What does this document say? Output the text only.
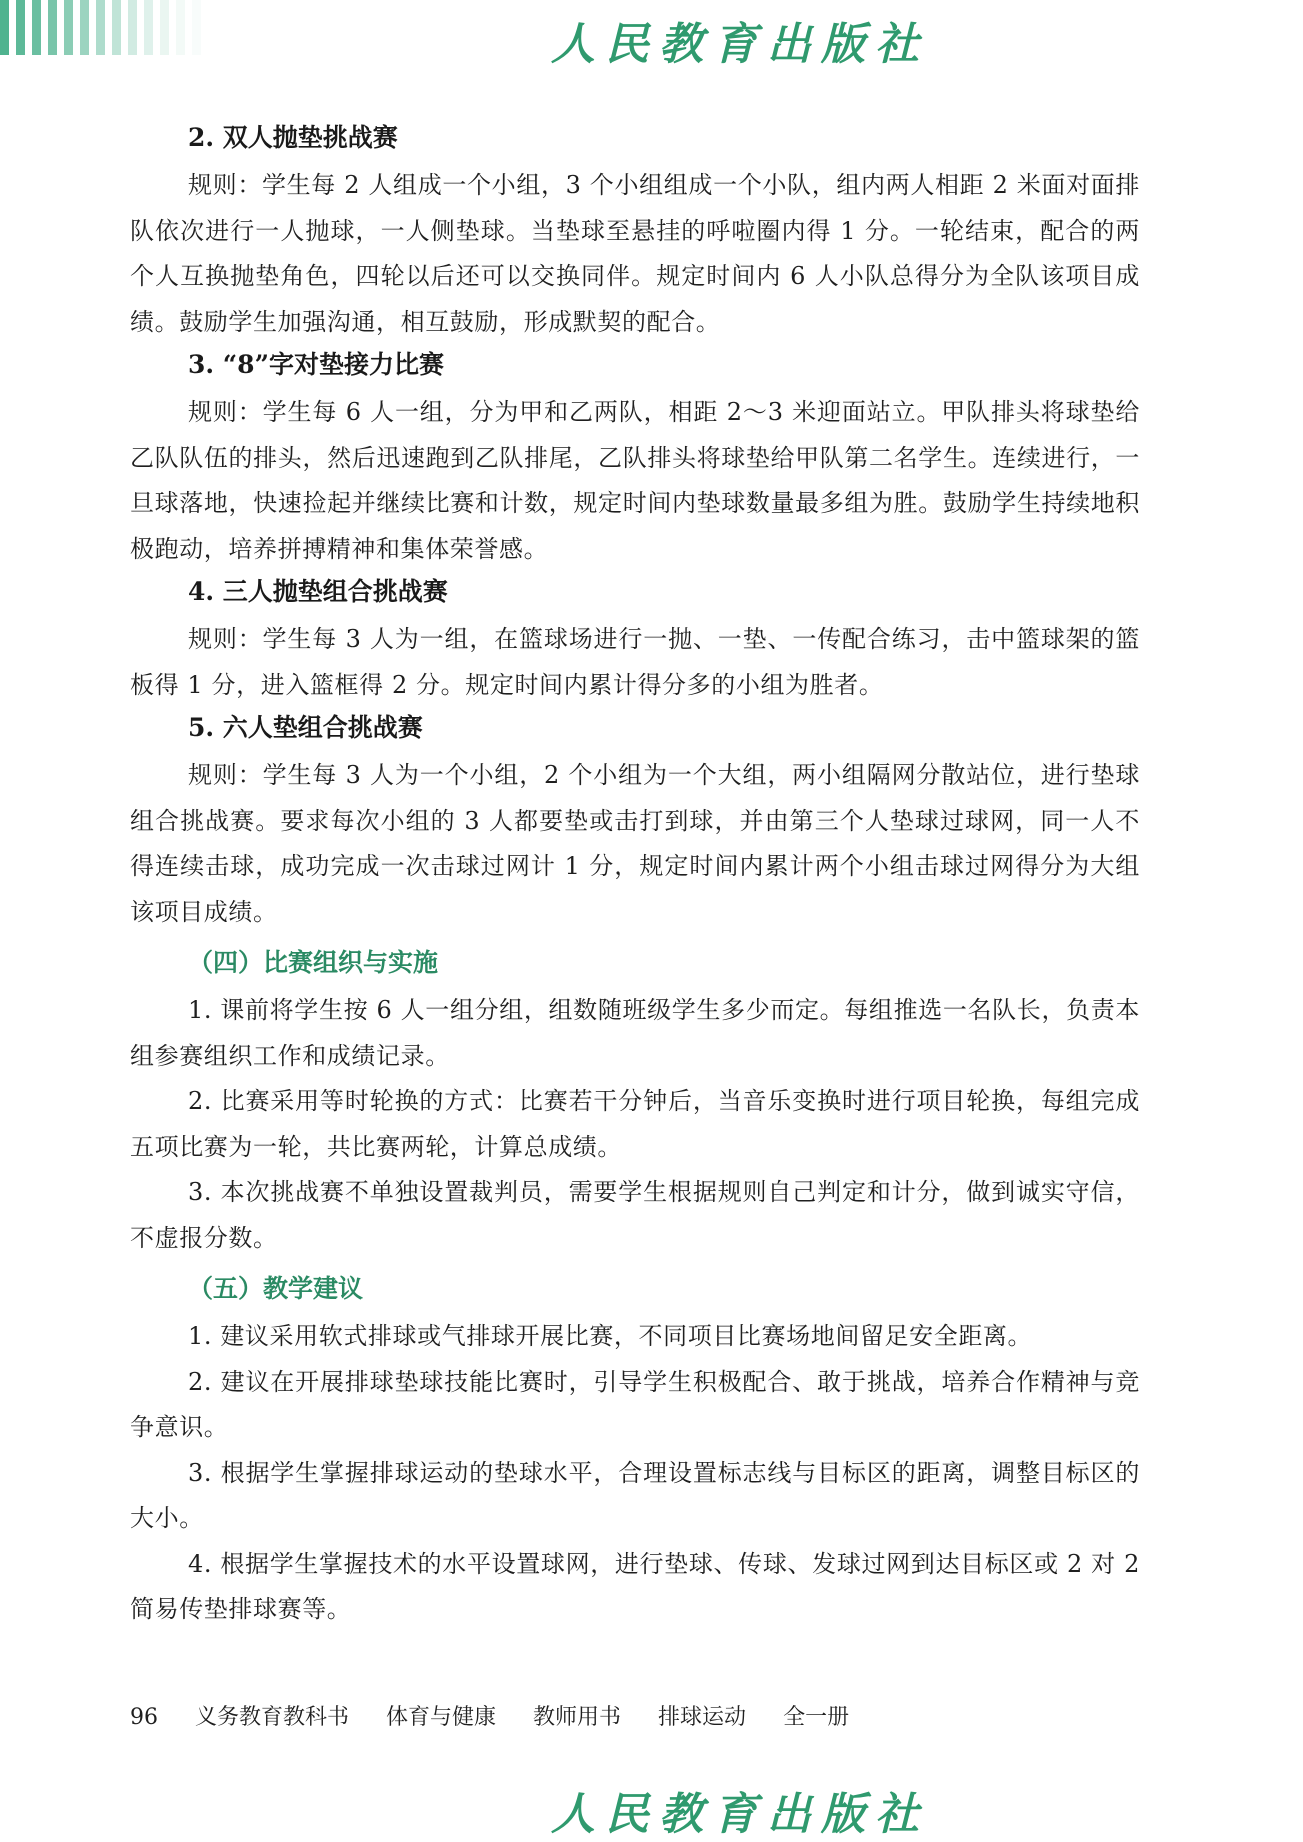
人民教育出版社

2. 双人抛垫挑战赛

规则：学生每 2 人组成一个小组，3 个小组组成一个小队，组内两人相距 2 米面对面排队依次进行一人抛球，一人侧垫球。当垫球至悬挂的呼啦圈内得 1 分。一轮结束，配合的两个人互换抛垫角色，四轮以后还可以交换同伴。规定时间内 6 人小队总得分为全队该项目成绩。鼓励学生加强沟通，相互鼓励，形成默契的配合。

3. “8”字对垫接力比赛

规则：学生每 6 人一组，分为甲和乙两队，相距 2～3 米迎面站立。甲队排头将球垫给乙队队伍的排头，然后迅速跑到乙队排尾，乙队排头将球垫给甲队第二名学生。连续进行，一旦球落地，快速捡起并继续比赛和计数，规定时间内垫球数量最多组为胜。鼓励学生持续地积极跑动，培养拼搏精神和集体荣誉感。

4. 三人抛垫组合挑战赛

规则：学生每 3 人为一组，在篮球场进行一抛、一垫、一传配合练习，击中篮球架的篮板得 1 分，进入篮框得 2 分。规定时间内累计得分多的小组为胜者。

5. 六人垫组合挑战赛

规则：学生每 3 人为一个小组，2 个小组为一个大组，两小组隔网分散站位，进行垫球组合挑战赛。要求每次小组的 3 人都要垫或击打到球，并由第三个人垫球过球网，同一人不得连续击球，成功完成一次击球过网计 1 分，规定时间内累计两个小组击球过网得分为大组该项目成绩。

（四）比赛组织与实施

1. 课前将学生按 6 人一组分组，组数随班级学生多少而定。每组推选一名队长，负责本组参赛组织工作和成绩记录。

2. 比赛采用等时轮换的方式：比赛若干分钟后，当音乐变换时进行项目轮换，每组完成五项比赛为一轮，共比赛两轮，计算总成绩。

3. 本次挑战赛不单独设置裁判员，需要学生根据规则自己判定和计分，做到诚实守信，不虚报分数。

（五）教学建议

1. 建议采用软式排球或气排球开展比赛，不同项目比赛场地间留足安全距离。

2. 建议在开展排球垫球技能比赛时，引导学生积极配合、敢于挑战，培养合作精神与竞争意识。

3. 根据学生掌握排球运动的垫球水平，合理设置标志线与目标区的距离，调整目标区的大小。

4. 根据学生掌握技术的水平设置球网，进行垫球、传球、发球过网到达目标区或 2 对 2 简易传垫排球赛等。

96 义务教育教科书 体育与健康 教师用书 排球运动 全一册
人民教育出版社
